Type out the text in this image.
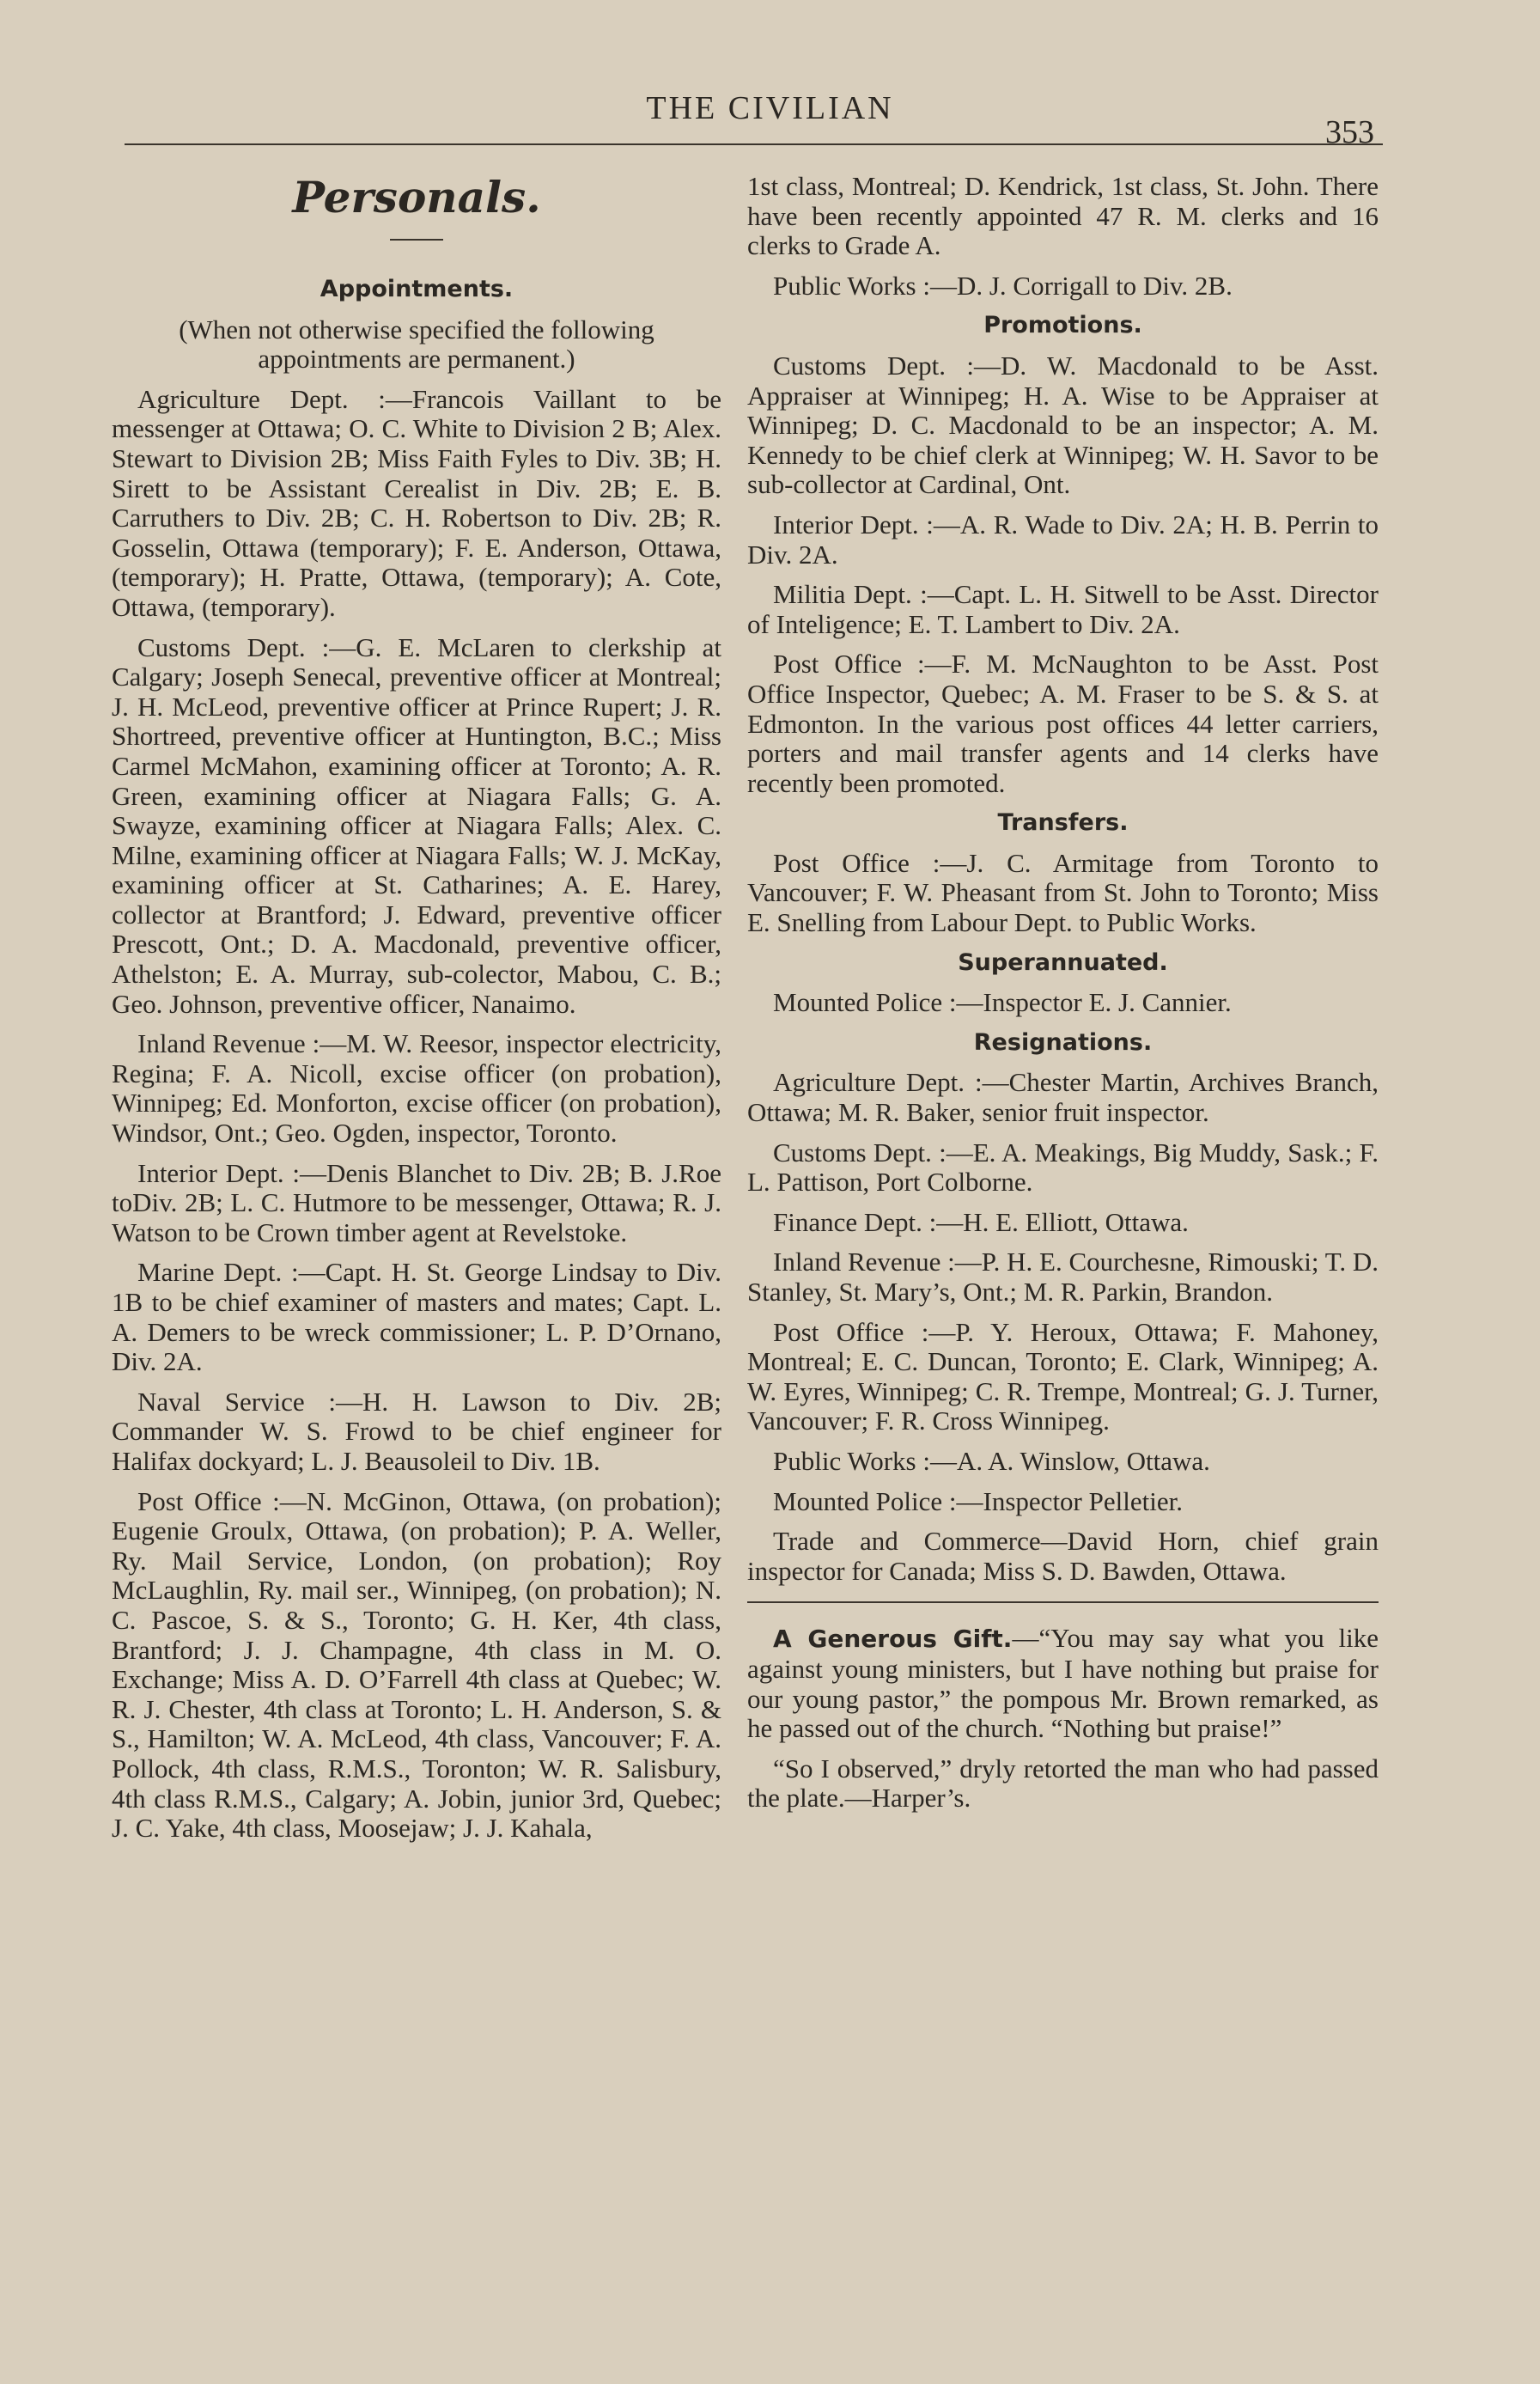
THE CIVILIAN
353
Personals.
Appointments.
(When not otherwise specified the following appointments are permanent.)

Agriculture Dept. :—Francois Vaillant to be messenger at Ottawa; O. C. White to Division 2 B; Alex. Stewart to Division 2B; Miss Faith Fyles to Div. 3B; H. Sirett to be Assistant Cerealist in Div. 2B; E. B. Carruthers to Div. 2B; C. H. Robertson to Div. 2B; R. Gosselin, Ottawa (temporary); F. E. Anderson, Ottawa, (temporary); H. Pratte, Ottawa, (temporary); A. Cote, Ottawa, (temporary).

Customs Dept. :—G. E. McLaren to clerkship at Calgary; Joseph Senecal, preventive officer at Montreal; J. H. McLeod, preventive officer at Prince Rupert; J. R. Shortreed, preventive officer at Huntington, B.C.; Miss Carmel McMahon, examining officer at Toronto; A. R. Green, examining officer at Niagara Falls; G. A. Swayze, examining officer at Niagara Falls; Alex. C. Milne, examining officer at Niagara Falls; W. J. McKay, examining officer at St. Catharines; A. E. Harey, collector at Brantford; J. Edward, preventive officer Prescott, Ont.; D. A. Macdonald, preventive officer, Athelston; E. A. Murray, sub-colector, Mabou, C. B.; Geo. Johnson, preventive officer, Nanaimo.

Inland Revenue :—M. W. Reesor, inspector electricity, Regina; F. A. Nicoll, excise officer (on probation), Winnipeg; Ed. Monforton, excise officer (on probation), Windsor, Ont.; Geo. Ogden, inspector, Toronto.

Interior Dept. :—Denis Blanchet to Div. 2B; B. J.Roe toDiv. 2B; L. C. Hutmore to be messenger, Ottawa; R. J. Watson to be Crown timber agent at Revelstoke.

Marine Dept. :—Capt. H. St. George Lindsay to Div. 1B to be chief examiner of masters and mates; Capt. L. A. Demers to be wreck commissioner; L. P. D’Ornano, Div. 2A.

Naval Service :—H. H. Lawson to Div. 2B; Commander W. S. Frowd to be chief engineer for Halifax dockyard; L. J. Beausoleil to Div. 1B.

Post Office :—N. McGinon, Ottawa, (on probation); Eugenie Groulx, Ottawa, (on probation); P. A. Weller, Ry. Mail Service, London, (on probation); Roy McLaughlin, Ry. mail ser., Winnipeg, (on probation); N. C. Pascoe, S. & S., Toronto; G. H. Ker, 4th class, Brantford; J. J. Champagne, 4th class in M. O. Exchange; Miss A. D. O’Farrell 4th class at Quebec; W. R. J. Chester, 4th class at Toronto; L. H. Anderson, S. & S., Hamilton; W. A. McLeod, 4th class, Vancouver; F. A. Pollock, 4th class, R.M.S., Toronton; W. R. Salisbury, 4th class R.M.S., Calgary; A. Jobin, junior 3rd, Quebec; J. C. Yake, 4th class, Moosejaw; J. J. Kahala,

1st class, Montreal; D. Kendrick, 1st class, St. John. There have been recently appointed 47 R. M. clerks and 16 clerks to Grade A.

Public Works :—D. J. Corrigall to Div. 2B.

Promotions.

Customs Dept. :—D. W. Macdonald to be Asst. Appraiser at Winnipeg; H. A. Wise to be Appraiser at Winnipeg; D. C. Macdonald to be an inspector; A. M. Kennedy to be chief clerk at Winnipeg; W. H. Savor to be sub-collector at Cardinal, Ont.

Interior Dept. :—A. R. Wade to Div. 2A; H. B. Perrin to Div. 2A.

Militia Dept. :—Capt. L. H. Sitwell to be Asst. Director of Inteligence; E. T. Lambert to Div. 2A.

Post Office :—F. M. McNaughton to be Asst. Post Office Inspector, Quebec; A. M. Fraser to be S. & S. at Edmonton. In the various post offices 44 letter carriers, porters and mail transfer agents and 14 clerks have recently been promoted.

Transfers.

Post Office :—J. C. Armitage from Toronto to Vancouver; F. W. Pheasant from St. John to Toronto; Miss E. Snelling from Labour Dept. to Public Works.

Superannuated.

Mounted Police :—Inspector E. J. Cannier.

Resignations.

Agriculture Dept. :—Chester Martin, Archives Branch, Ottawa; M. R. Baker, senior fruit inspector.

Customs Dept. :—E. A. Meakings, Big Muddy, Sask.; F. L. Pattison, Port Colborne.

Finance Dept. :—H. E. Elliott, Ottawa.

Inland Revenue :—P. H. E. Courchesne, Rimouski; T. D. Stanley, St. Mary’s, Ont.; M. R. Parkin, Brandon.

Post Office :—P. Y. Heroux, Ottawa; F. Mahoney, Montreal; E. C. Duncan, Toronto; E. Clark, Winnipeg; A. W. Eyres, Winnipeg; C. R. Trempe, Montreal; G. J. Turner, Vancouver; F. R. Cross Winnipeg.

Public Works :—A. A. Winslow, Ottawa.

Mounted Police :—Inspector Pelletier.

Trade and Commerce—David Horn, chief grain inspector for Canada; Miss S. D. Bawden, Ottawa.

A Generous Gift.—“You may say what you like against young ministers, but I have nothing but praise for our young pastor,” the pompous Mr. Brown remarked, as he passed out of the church. “Nothing but praise!”

“So I observed,” dryly retorted the man who had passed the plate.—Harper’s.
